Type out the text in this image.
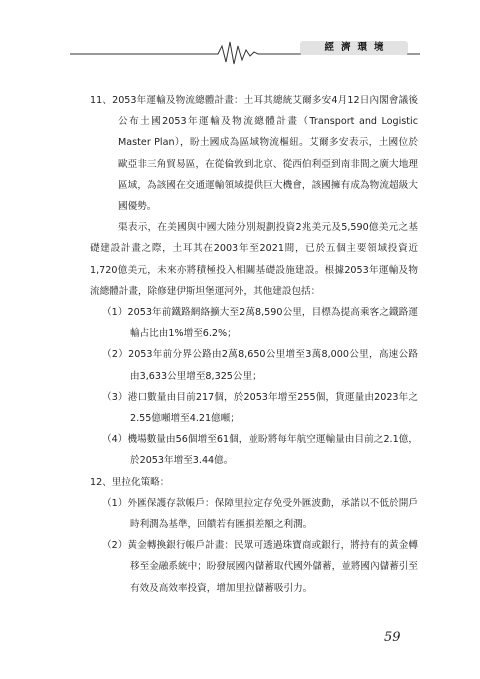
經濟環境

11、2053年運輸及物流總體計畫：土耳其總統艾爾多安4月12日內閣會議後公布土國2053年運輸及物流總體計畫（Transport and Logistic Master Plan），盼土國成為區域物流樞紐。艾爾多安表示，土國位於歐亞非三角貿易區，在從倫敦到北京、從西伯利亞到南非間之廣大地理區域，為該國在交通運輸領域提供巨大機會，該國擁有成為物流超級大國優勢。

渠表示，在美國與中國大陸分別規劃投資2兆美元及5,590億美元之基礎建設計畫之際，土耳其在2003年至2021間，已於五個主要領域投資近1,720億美元，未來亦將積極投入相關基礎設施建設。根據2053年運輸及物流總體計畫，除修建伊斯坦堡運河外，其他建設包括：

（1）2053年前鐵路網絡擴大至2萬8,590公里，目標為提高乘客之鐵路運輸占比由1%增至6.2%；

（2）2053年前分界公路由2萬8,650公里增至3萬8,000公里，高速公路由3,633公里增至8,325公里；

（3）港口數量由目前217個，於2053年增至255個，貨運量由2023年之2.55億噸增至4.21億噸；

（4）機場數量由56個增至61個，並盼將每年航空運輸量由目前之2.1億，於2053年增至3.44億。

12、里拉化策略：

（1）外匯保護存款帳戶：保障里拉定存免受外匯波動，承諾以不低於開戶時利潤為基準，回饋若有匯損差額之利潤。

（2）黃金轉換銀行帳戶計畫：民眾可透過珠寶商或銀行，將持有的黃金轉移至金融系統中；盼發展國內儲蓄取代國外儲蓄，並將國內儲蓄引至有效及高效率投資，增加里拉儲蓄吸引力。

59
